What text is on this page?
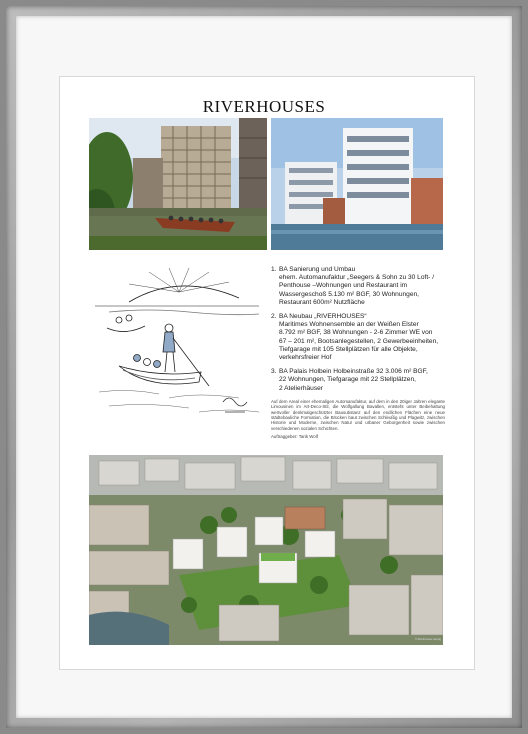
RIVERHOUSES
1. BA Sanierung und Umbau

ehem. Automanufaktur „Seegers & Sohn zu 30 Loft- /

Penthouse –Wohnungen und Restaurant im

Wassergeschoß 5.130 m² BGF, 30 Wohnungen,

Restaurant 600m² Nutzfläche

2. BA Neubau „RIVERHOUSES“

Maritimes Wohnensemble an der Weißen Elster

8.792 m² BGF, 38 Wohnungen - 2-6 Zimmer WE von

67 – 201 m², Bootsanlegestellen, 2 Gewerbeeinheiten,

Tiefgarage mit 105 Stellplätzen für alle Objekte,

verkehrsfreier Hof

3. BA Palais Holbein Holbeinstraße 32 3.006 m² BGF,

22 Wohnungen, Tiefgarage mit 22 Stellplätzen,

2 Atelierhäuser

Auf dem Areal einer ehemaligen Automanufaktur, auf dem in den 20iger Jahren elegante Limousinen im Art-Deco-Stil, die Wolfgallung Bavallen, entsteht unter Beibehaltung wertvoller denkmalgeschützter Bausubstanz auf den endlichen Flächen eine neue städtebauliche Formation, die Brücken baut zwischen Schleußig und Plagwitz, zwischen Historie und Moderne, zwischen Natur und urbaner Geborgenheit sowie zwischen verschiedenen sozialen Schichten.
Auftraggeber: Tarik Wolf
© Riverhouses Leipzig
